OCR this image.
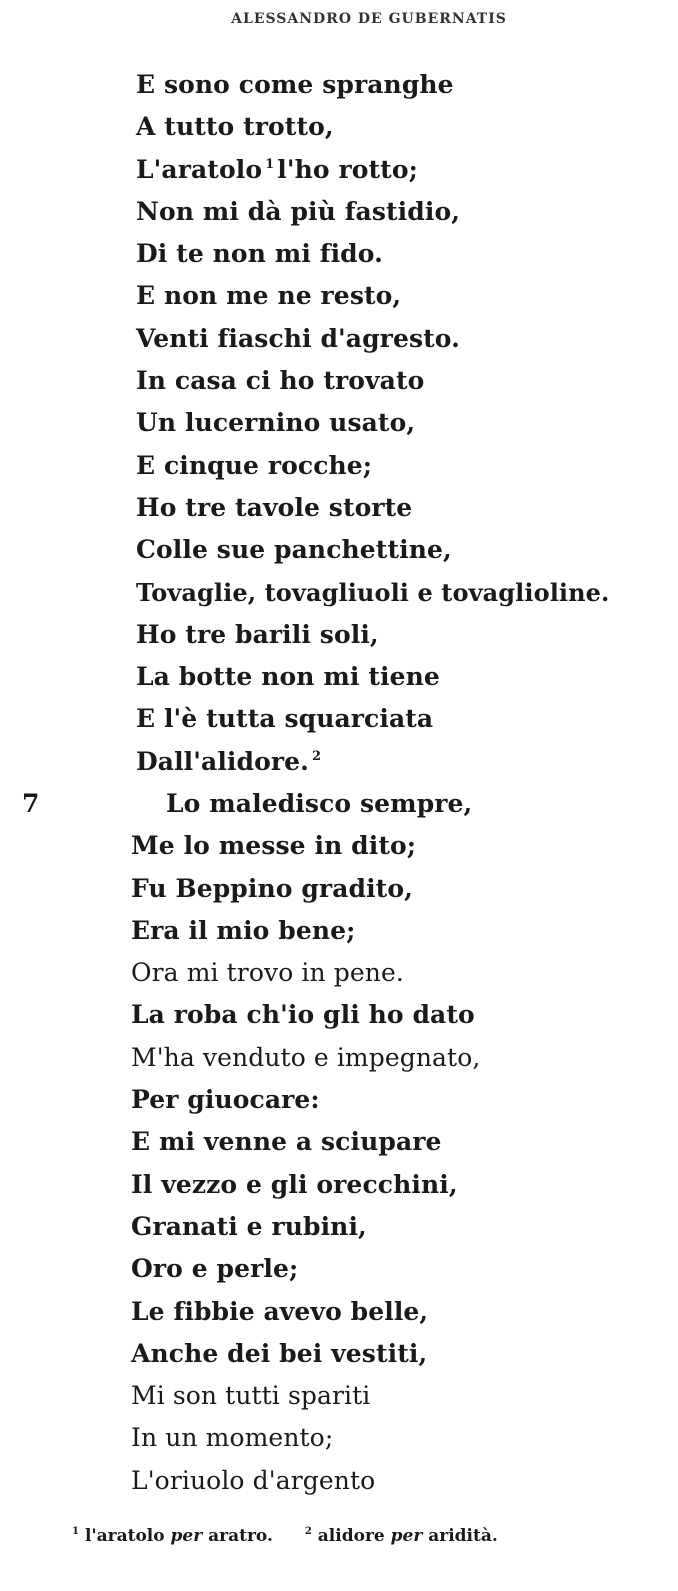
ALESSANDRO DE GUBERNATIS
E sono come spranghe
A tutto trotto,
L'aratolo $^1$ l'ho rotto;
Non mi dà più fastidio,
Di te non mi fido.
E non me ne resto,
Venti fiaschi d'agresto.
In casa ci ho trovato
Un lucernino usato,
E cinque rocche;
Ho tre tavole storte
Colle sue panchettine,
Tovaglie, tovagliuoli e tovaglioline.
Ho tre barili soli,
La botte non mi tiene
E l'è tutta squarciata
Dall'alidore. $^2$
7	Lo maledisco sempre,
Me lo messe in dito;
Fu Beppino gradito,
Era il mio bene;
Ora mi trovo in pene.
La roba ch'io gli ho dato
M'ha venduto e impegnato,
Per giuocare:
E mi venne a sciupare
Il vezzo e gli orecchini,
Granati e rubini,
Oro e perle;
Le fibbie avevo belle,
Anche dei bei vestiti,
Mi son tutti spariti
In un momento;
L'oriuolo d'argento
$^1$ l'aratolo per aratro.	$^2$ alidore per aridità.
